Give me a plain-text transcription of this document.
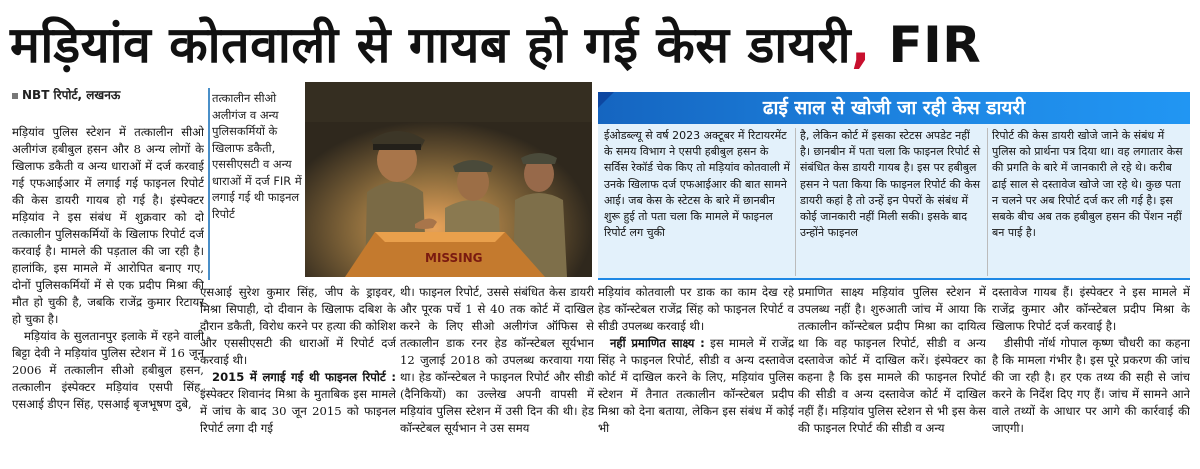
मड़ियांव कोतवाली से गायब हो गई केस डायरी, FIR
NBT रिपोर्ट, लखनऊ

मड़ियांव पुलिस स्टेशन में तत्कालीन सीओ अलीगंज हबीबुल हसन और 8 अन्य लोगों के खिलाफ डकैती व अन्य धाराओं में दर्ज करवाई गई एफआईआर में लगाई गई फाइनल रिपोर्ट की केस डायरी गायब हो गई है। इंस्पेक्टर मड़ियांव ने इस संबंध में शुक्रवार को दो तत्कालीन पुलिसकर्मियों के खिलाफ रिपोर्ट दर्ज करवाई है। मामले की पड़ताल की जा रही है। हालांकि, इस मामले में आरोपित बनाए गए, दोनों पुलिसकर्मियों में से एक प्रदीप मिश्रा की मौत हो चुकी है, जबकि राजेंद्र कुमार रिटायर हो चुका है।

मड़ियांव के सुलतानपुर इलाके में रहने वाली बिट्टा देवी ने मड़ियांव पुलिस स्टेशन में 16 जून 2006 में तत्कालीन सीओ हबीबुल हसन, तत्कालीन इंस्पेक्टर मड़ियांव एसपी सिंह, एसआई डीएन सिंह, एसआई बृजभूषण दुबे,

तत्कालीन सीओ अलीगंज व अन्य पुलिसकर्मियों के खिलाफ डकैती, एससीएसटी व अन्य धाराओं में दर्ज FIR में लगाई गई थी फाइनल रिपोर्ट
MISSING

एसआई सुरेश कुमार सिंह, जीप के ड्राइवर, मिश्रा सिपाही, दो दीवान के खिलाफ दबिश के दौरान डकैती, विरोध करने पर हत्या की कोशिश और एससीएसटी की धाराओं में रिपोर्ट दर्ज करवाई थी।

2015 में लगाई गई थी फाइनल रिपोर्ट : इंस्पेक्टर शिवानंद मिश्रा के मुताबिक इस मामले में जांच के बाद 30 जून 2015 को फाइनल रिपोर्ट लगा दी गई

थी। फाइनल रिपोर्ट, उससे संबंधित केस डायरी और पूरक पर्चे 1 से 40 तक कोर्ट में दाखिल करने के लिए सीओ अलीगंज ऑफिस से तत्कालीन डाक रनर हेड कॉन्स्टेबल सूर्यभान 12 जुलाई 2018 को उपलब्ध करवाया गया था। हेड कॉन्स्टेबल ने फाइनल रिपोर्ट और सीडी (दैनिकियों) का उल्लेख अपनी वापसी में मड़ियांव पुलिस स्टेशन में उसी दिन की थी। हेड कॉन्स्टेबल सूर्यभान ने उस समय

ढाई साल से खोजी जा रही केस डायरी
ईओडब्ल्यू से वर्ष 2023 अक्टूबर में रिटायरमेंट के समय विभाग ने एसपी हबीबुल हसन के सर्विस रेकॉर्ड चेक किए तो मड़ियांव कोतवाली में उनके खिलाफ दर्ज एफआईआर की बात सामने आई। जब केस के स्टेटस के बारे में छानबीन शुरू हुई तो पता चला कि मामले में फाइनल रिपोर्ट लग चुकी
है, लेकिन कोर्ट में इसका स्टेटस अपडेट नहीं है। छानबीन में पता चला कि फाइनल रिपोर्ट से संबंधित केस डायरी गायब है। इस पर हबीबुल हसन ने पता किया कि फाइनल रिपोर्ट की केस डायरी कहां है तो उन्हें इन पेपरों के संबंध में कोई जानकारी नहीं मिली सकी। इसके बाद उन्होंने फाइनल
रिपोर्ट की केस डायरी खोजे जाने के संबंध में पुलिस को प्रार्थना पत्र दिया था। वह लगातार केस की प्रगति के बारे में जानकारी ले रहे थे। करीब ढाई साल से दस्तावेज खोजे जा रहे थे। कुछ पता न चलने पर अब रिपोर्ट दर्ज कर ली गई है। इस सबके बीच अब तक हबीबुल हसन की पेंशन नहीं बन पाई है।

मड़ियांव कोतवाली पर डाक का काम देख रहे हेड कॉन्स्टेबल राजेंद्र सिंह को फाइनल रिपोर्ट व सीडी उपलब्ध करवाई थी।

नहीं प्रमाणित साक्ष्य : इस मामले में राजेंद्र सिंह ने फाइनल रिपोर्ट, सीडी व अन्य दस्तावेज कोर्ट में दाखिल करने के लिए, मड़ियांव पुलिस स्टेशन में तैनात तत्कालीन कॉन्स्टेबल प्रदीप मिश्रा को देना बताया, लेकिन इस संबंध में कोई भी

प्रमाणित साक्ष्य मड़ियांव पुलिस स्टेशन में उपलब्ध नहीं है। शुरुआती जांच में आया कि तत्कालीन कॉन्स्टेबल प्रदीप मिश्रा का दायित्व था कि वह फाइनल रिपोर्ट, सीडी व अन्य दस्तावेज कोर्ट में दाखिल करें। इंस्पेक्टर का कहना है कि इस मामले की फाइनल रिपोर्ट की सीडी व अन्य दस्तावेज कोर्ट में दाखिल नहीं हैं। मड़ियांव पुलिस स्टेशन से भी इस केस की फाइनल रिपोर्ट की सीडी व अन्य

दस्तावेज गायब हैं। इंस्पेक्टर ने इस मामले में राजेंद्र कुमार और कॉन्स्टेबल प्रदीप मिश्रा के खिलाफ रिपोर्ट दर्ज करवाई है।

डीसीपी नॉर्थ गोपाल कृष्ण चौधरी का कहना है कि मामला गंभीर है। इस पूरे प्रकरण की जांच की जा रही है। हर एक तथ्य की सही से जांच करने के निर्देश दिए गए हैं। जांच में सामने आने वाले तथ्यों के आधार पर आगे की कार्रवाई की जाएगी।
